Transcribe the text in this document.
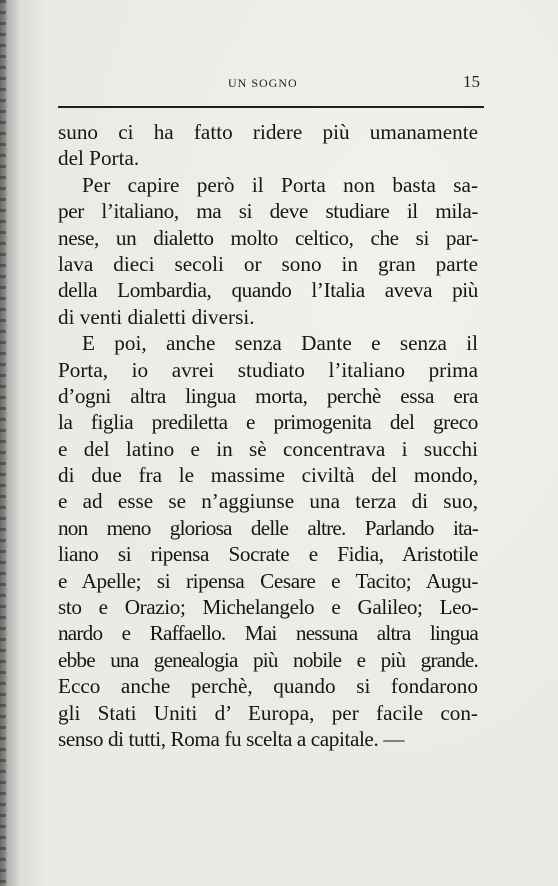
UN SOGNO	15
suno ci ha fatto ridere più umanamente
del Porta.
Per capire però il Porta non basta sa-
per l’italiano, ma si deve studiare il mila-
nese, un dialetto molto celtico, che si par-
lava dieci secoli or sono in gran parte
della Lombardia, quando l’Italia aveva più
di venti dialetti diversi.
E poi, anche senza Dante e senza il
Porta, io avrei studiato l’italiano prima
d’ogni altra lingua morta, perchè essa era
la figlia prediletta e primogenita del greco
e del latino e in sè concentrava i succhi
di due fra le massime civiltà del mondo,
e ad esse se n’aggiunse una terza di suo,
non meno gloriosa delle altre. Parlando ita-
liano si ripensa Socrate e Fidia, Aristotile
e Apelle; si ripensa Cesare e Tacito; Augu-
sto e Orazio; Michelangelo e Galileo; Leo-
nardo e Raffaello. Mai nessuna altra lingua
ebbe una genealogia più nobile e più grande.
Ecco anche perchè, quando si fondarono
gli Stati Uniti d’ Europa, per facile con-
senso di tutti, Roma fu scelta a capitale. —
